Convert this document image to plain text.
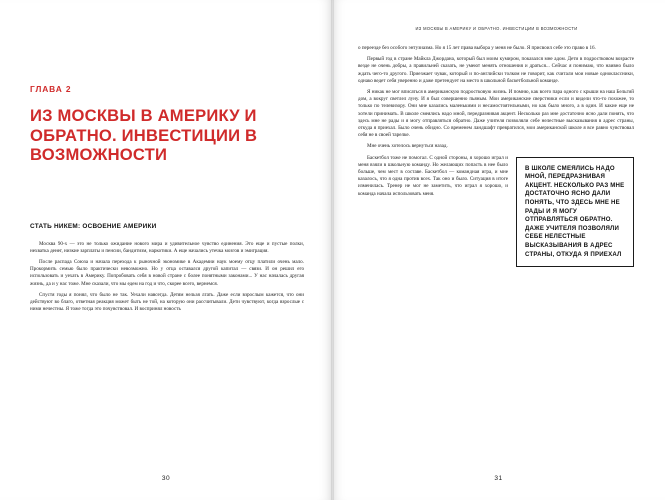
ГЛАВА 2
ИЗ МОСКВЫ В АМЕРИКУ И ОБРАТНО. ИНВЕСТИЦИИ В ВОЗМОЖНОСТИ
СТАТЬ НИКЕМ: ОСВОЕНИЕ АМЕРИКИ

Москва 90-х — это не только ожидание нового мира и удивительное чувство единения. Это еще и пустые полки, нехватка денег, низкие зарплаты и пенсии, бандитизм, наркотики. А еще начались утечка мозгов и эмиграция.

После распада Союза и начала перехода к рыночной экономике в Академии наук моему отцу платили очень мало. Прокормить семью было практически невозможно. Но у отца оставался другой капитал — связи. И он решил его использовать и уехать в Америку. Попробовать себя в новой стране с более понятными законами... У нас началась другая жизнь, да и у нас тоже. Мне сказали, что мы едем на год и что, скорее всего, вернемся.

Спустя годы я понял, что было не так. Уехали навсегда. Детям нельзя лгать. Даже если взрослым кажется, что они действуют во благо, ответная реакция может быть не той, на которую они рассчитывали. Дети чувствуют, когда взрослые с ними нечестны. Я тоже тогда это почувствовал. И воспринял новость

30
ИЗ МОСКВЫ В АМЕРИКУ И ОБРАТНО. ИНВЕСТИЦИИ В ВОЗМОЖНОСТИ

о переезде без особого энтузиазма. Но я 15 лет права выбора у меня не было. Я присвоил себе это право в 16.

Первый год в стране Майкла Джордана, который был моим кумиром, показался мне адом. Дети в подростковом возрасте везде не очень добры, а правильней сказать, не умеют менять отношения и драться... Сейчас я понимаю, что наивно было ждать чего-то другого. Приезжает чувак, который и по-английски толком не говорит, как считали мои новые одноклассники, однако ведет себя уверенно и даже претендует на место в школьной баскетбольной команде.

Я никак не мог вписаться в американскую подростковую жизнь. И помню, как всего пара одного с крыши на наш Бельгий дом, а вокруг светлел луну. И я был совершенно пьяным. Мои американские сверстники если и видели что-то похожее, то только по телевизору. Они мне казались маленькими и несамостоятельными, но как было много, а в один. И какие еще не хотели принимать. В школе смеялись надо мной, передразнивая акцент. Несколько раз мне достаточно ясно дали понять, что здесь мне не рады и я могу отправляться обратно. Даже учителя позволяли себе нелестные высказывания в адрес страны, откуда я приехал. Было очень обидно. Со временем ландшафт превратился, мои американской школе я все равно чувствовал себя не в своей тарелке.

Мне очень хотелось вернуться назад.

В ШКОЛЕ СМЕЯЛИСЬ НАДО МНОЙ, ПЕРЕДРАЗНИВАЯ АКЦЕНТ. НЕСКОЛЬКО РАЗ МНЕ ДОСТАТОЧНО ЯСНО ДАЛИ ПОНЯТЬ, ЧТО ЗДЕСЬ МНЕ НЕ РАДЫ И Я МОГУ ОТПРАВЛЯТЬСЯ ОБРАТНО. ДАЖЕ УЧИТЕЛЯ ПОЗВОЛЯЛИ СЕБЕ НЕЛЕСТНЫЕ ВЫСКАЗЫВАНИЯ В АДРЕС СТРАНЫ, ОТКУДА Я ПРИЕХАЛ

Баскетбол тоже не помогал. С одной стороны, я хорошо играл и меня взяли в школьную команду. Но желающих попасть в нее было больше, чем мест в составе. Баскетбол — командная игра, и мне казалось, что я одна против всех. Так оно и было. Ситуация в итоге изменилась. Тренер не мог не заметить, что играл я хорошо, и команда начала использовать меня.

31
